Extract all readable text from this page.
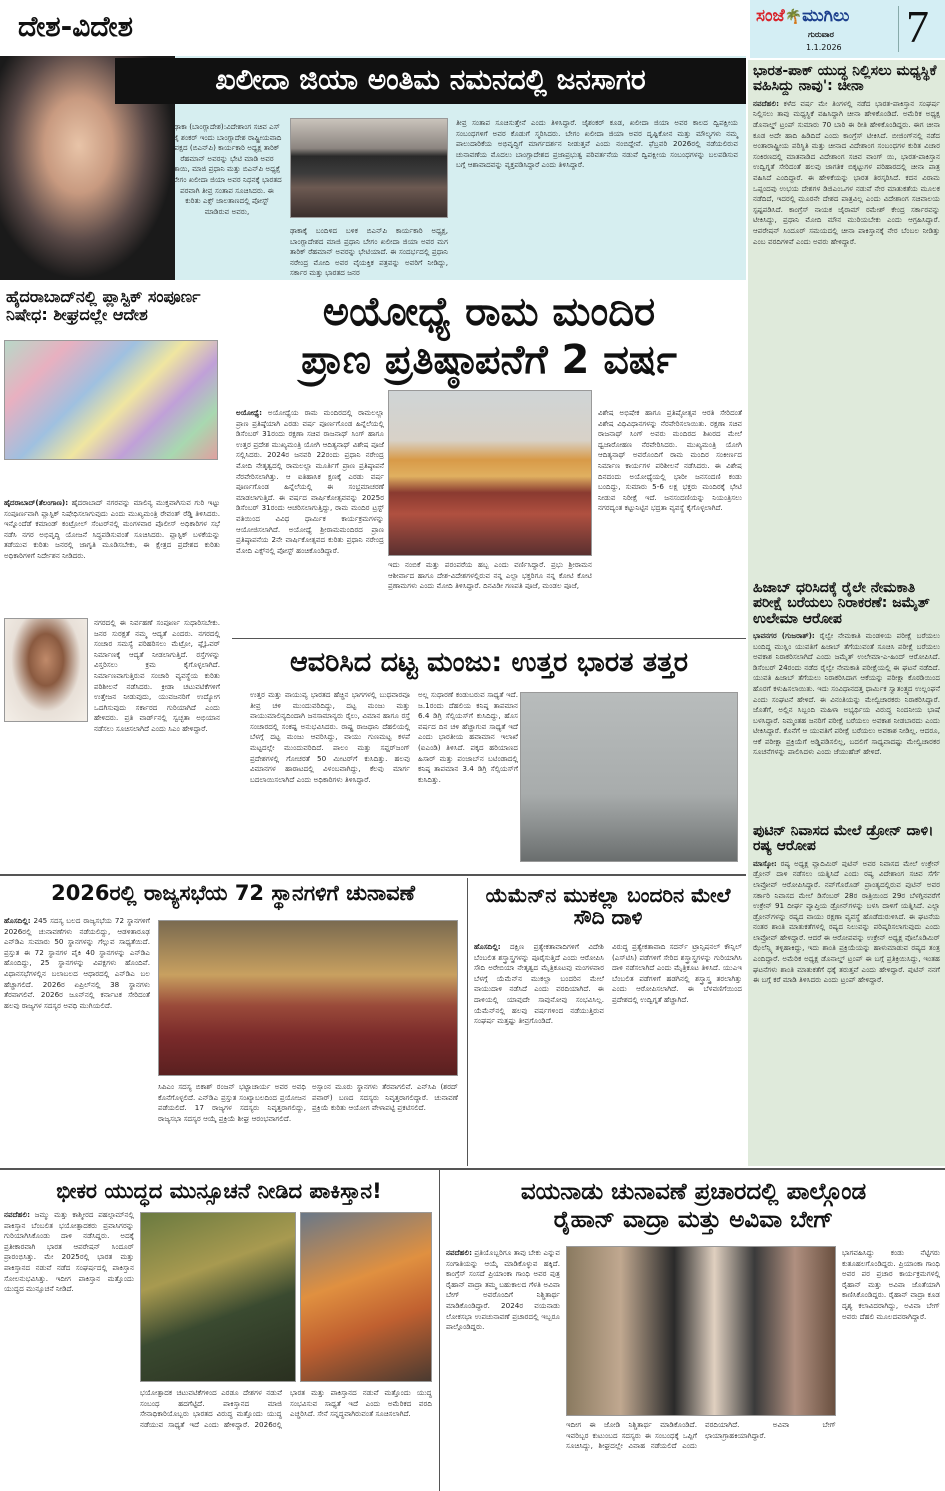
ದೇಶ-ವಿದೇಶ	ಸಂಜೆ🌴ಮುಗಿಲು
ಗುರುವಾರ
1.1.2026 7
ಖಲೀದಾ ಜಿಯಾ ಅಂತಿಮ ನಮನದಲ್ಲಿ ಜನಸಾಗರ
ಢಾಕಾ (ಬಾಂಗ್ಲಾದೇಶ):ವಿದೇಶಾಂಗ ಸಚಿವ ಎಸ್ ಜೈ ಶಂಕರ್ ಇಂದು ಬಾಂಗ್ಲಾದೇಶ ರಾಷ್ಟ್ರೀಯವಾದಿ ಪಕ್ಷದ (ಬಿಎನ್‌ಪಿ) ಕಾರ್ಯಕಾರಿ ಅಧ್ಯಕ್ಷ ತಾರಿಕ್ ರೆಹಮಾನ್ ಅವರನ್ನು ಭೇಟಿ ಮಾಡಿ ಅವರ ತಾಯಿ, ಮಾಜಿ ಪ್ರಧಾನಿ ಮತ್ತು ಬಿಎನ್‌ಪಿ ಅಧ್ಯಕ್ಷೆ ಬೇಗಂ ಖಲೀದಾ ಜಿಯಾ ಅವರ ನಿಧನಕ್ಕೆ ಭಾರತದ ಪರವಾಗಿ ತೀವ್ರ ಸಂತಾಪ ಸೂಚಿಸಿದರು. ಈ ಕುರಿತು ಎಕ್ಸ್ ಜಾಲತಾಣದಲ್ಲಿ ಪೋಸ್ಟ್ ಮಾಡಿರುವ ಅವರು,
ಢಾಕಾಕ್ಕೆ ಬಂದಿಳಿದ ಬಳಿಕ ಬಿಎನ್‌ಪಿ ಕಾರ್ಯಕಾರಿ ಅಧ್ಯಕ್ಷ, ಬಾಂಗ್ಲಾದೇಶದ ಮಾಜಿ ಪ್ರಧಾನಿ ಬೇಗಂ ಖಲೀದಾ ಜಿಯಾ ಅವರ ಮಗ ತಾರಿಕ್ ರೆಹಮಾನ್ ಅವರನ್ನು ಭೇಟಿಯಾದೆ. ಈ ಸಂದರ್ಭದಲ್ಲಿ ಪ್ರಧಾನಿ ನರೇಂದ್ರ ಮೋದಿ ಅವರ ವೈಯಕ್ತಿಕ ಪತ್ರವನ್ನು ಅವರಿಗೆ ನೀಡಿದ್ದು, ಸರ್ಕಾರ ಮತ್ತು ಭಾರತದ ಜನರ
ತೀವ್ರ ಸಂತಾಪ ಸೂಚಿಸುತ್ತೇನೆ ಎಂದು ತಿಳಿಸಿದ್ದಾರೆ. ಜೈಶಂಕರ್ ಕೂಡ, ಖಲೀದಾ ಜಿಯಾ ಅವರ ಕಾಲದ ದ್ವಿಪಕ್ಷೀಯ ಸಂಬಂಧಗಳಿಗೆ ಅವರ ಕೊಡುಗೆ ಸ್ಮರಿಸಿದರು. ಬೇಗಂ ಖಲೀದಾ ಜಿಯಾ ಅವರ ದೃಷ್ಟಿಕೋನ ಮತ್ತು ಮೌಲ್ಯಗಳು ನಮ್ಮ ಪಾಲುದಾರಿಕೆಯ ಅಭಿವೃದ್ಧಿಗೆ ಮಾರ್ಗದರ್ಶನ ನೀಡುತ್ತವೆ ಎಂದು ನಂಬಿದ್ದೇವೆ. ಫೆಬ್ರವರಿ 2026ರಲ್ಲಿ ನಡೆಯಲಿರುವ ಚುನಾವಣೆಯ ಮೊದಲು ಬಾಂಗ್ಲಾದೇಶದ ಪ್ರಜಾಪ್ರಭುತ್ವ ಪರಿವರ್ತನೆಯ ನಡುವೆ ದ್ವಿಪಕ್ಷೀಯ ಸಂಬಂಧಗಳನ್ನು ಬಲಪಡಿಸುವ ಬಗ್ಗೆ ಆಶಾವಾದವನ್ನು ವ್ಯಕ್ತಪಡಿಸಿದ್ದಾರೆ ಎಂದು ತಿಳಿಸಿದ್ದಾರೆ.
ಭಾರತ-ಪಾಕ್ ಯುದ್ಧ ನಿಲ್ಲಿಸಲು ಮಧ್ಯಸ್ಥಿಕೆ ವಹಿಸಿದ್ದು ನಾವು': ಚೀನಾ
ನವದೆಹಲಿ: ಕಳೆದ ವರ್ಷ ಮೇ ತಿಂಗಳಲ್ಲಿ ನಡೆದ ಭಾರತ-ಪಾಕಿಸ್ತಾನ ಸಂಘರ್ಷ ನಿಲ್ಲಿಸಲು ತಾವು ಮಧ್ಯಸ್ಥಿಕೆ ವಹಿಸಿದ್ದಾಗಿ ಚೀನಾ ಹೇಳಿಕೊಂಡಿದೆ. ಅಮೆರಿಕ ಅಧ್ಯಕ್ಷ ಡೊನಾಲ್ಡ್ ಟ್ರಂಪ್ ಸುಮಾರು 70 ಬಾರಿ ಈ ರೀತಿ ಹೇಳಿಕೊಂಡಿದ್ದರು. ಈಗ ಚೀನಾ ಕೂಡ ಅದೇ ಹಾದಿ ಹಿಡಿದಿದೆ ಎಂದು ಕಾಂಗ್ರೆಸ್ ಟೀಕಿಸಿದೆ. ಬೀಜಿಂಗ್‌ನಲ್ಲಿ ನಡೆದ ಅಂತಾರಾಷ್ಟ್ರೀಯ ಪರಿಸ್ಥಿತಿ ಮತ್ತು ಚೀನಾದ ವಿದೇಶಾಂಗ ಸಂಬಂಧಗಳ ಕುರಿತ ವಿಚಾರ ಸಂಕಿರಣದಲ್ಲಿ ಮಾತನಾಡಿದ ವಿದೇಶಾಂಗ ಸಚಿವ ವಾಂಗ್ ಯಿ, ಭಾರತ-ಪಾಕಿಸ್ತಾನ ಉದ್ವಿಗ್ನತೆ ಸೇರಿದಂತೆ ಹಲವು ಜಾಗತಿಕ ಬಿಕ್ಕಟ್ಟುಗಳ ಪರಿಹಾರದಲ್ಲಿ ಚೀನಾ ಪಾತ್ರ ವಹಿಸಿದೆ ಎಂದಿದ್ದಾರೆ. ಈ ಹೇಳಿಕೆಯನ್ನು ಭಾರತ ತಿರಸ್ಕರಿಸಿದೆ. ಕದನ ವಿರಾಮ ಒಪ್ಪಂದವು ಉಭಯ ದೇಶಗಳ ಡಿಜಿಎಂಒಗಳ ನಡುವೆ ನೇರ ಮಾತುಕತೆಯ ಮೂಲಕ ನಡೆದಿದೆ, ಇದರಲ್ಲಿ ಮೂರನೇ ದೇಶದ ಪಾತ್ರವಿಲ್ಲ ಎಂದು ವಿದೇಶಾಂಗ ಸಚಿವಾಲಯ ಸ್ಪಷ್ಟಪಡಿಸಿದೆ. ಕಾಂಗ್ರೆಸ್ ನಾಯಕ ಜೈರಾಮ್ ರಮೇಶ್ ಕೇಂದ್ರ ಸರ್ಕಾರವನ್ನು ಟೀಕಿಸಿದ್ದು, ಪ್ರಧಾನಿ ಮೋದಿ ಮೌನ ಮುರಿಯಬೇಕು ಎಂದು ಆಗ್ರಹಿಸಿದ್ದಾರೆ. ಆಪರೇಷನ್ ಸಿಂದೂರ್ ಸಮಯದಲ್ಲಿ ಚೀನಾ ಪಾಕಿಸ್ತಾನಕ್ಕೆ ನೇರ ಬೆಂಬಲ ನೀಡಿತ್ತು ಎಂಬ ವರದಿಗಳಿವೆ ಎಂದು ಅವರು ಹೇಳಿದ್ದಾರೆ.
ಹಿಜಾಬ್ ಧರಿಸಿದಕ್ಕೆ ರೈಲೇ ನೇಮಕಾತಿ ಪರೀಕ್ಷೆ ಬರೆಯಲು ನಿರಾಕರಣೆ: ಜಮೈತ್ ಉಲೇಮಾ ಆರೋಪ
ಭಾವನಗರ (ಗುಜರಾತ್): ರೈಲ್ವೇ ನೇಮಕಾತಿ ಮಂಡಳಿಯ ಪರೀಕ್ಷೆ ಬರೆಯಲು ಬಂದಿದ್ದ ಮುಸ್ಲಿಂ ಯುವತಿಗೆ ಹಿಜಾಬ್ ತೆಗೆಯುವಂತೆ ಸೂಚಿಸಿ ಪರೀಕ್ಷೆ ಬರೆಯಲು ಅವಕಾಶ ನಿರಾಕರಿಸಲಾಗಿದೆ ಎಂದು ಜಮೈತ್ ಉಲೇಮಾ-ಎ-ಹಿಂದ್ ಆರೋಪಿಸಿದೆ. ಡಿಸೆಂಬರ್ 24ರಂದು ನಡೆದ ರೈಲ್ವೇ ನೇಮಕಾತಿ ಪರೀಕ್ಷೆಯಲ್ಲಿ ಈ ಘಟನೆ ನಡೆದಿದೆ. ಯುವತಿ ಹಿಜಾಬ್ ತೆಗೆಯಲು ನಿರಾಕರಿಸಿದಾಗ ಆಕೆಯನ್ನು ಪರೀಕ್ಷಾ ಕೊಠಡಿಯಿಂದ ಹೊರಗೆ ಕಳುಹಿಸಲಾಯಿತು. ಇದು ಸಂವಿಧಾನದತ್ತ ಧಾರ್ಮಿಕ ಸ್ವಾತಂತ್ರ್ಯದ ಉಲ್ಲಂಘನೆ ಎಂದು ಸಂಘಟನೆ ಹೇಳಿದೆ. ಈ ವಿನಂತಿಯನ್ನು ಮೇಲ್ವಿಚಾರಕರು ನಿರಾಕರಿಸಿದ್ದಾರೆ. ಜೊತೆಗೆ, ಅಲ್ಲಿನ ಸಿಬ್ಬಂದಿ ಮಹಿಳಾ ಅಭ್ಯರ್ಥಿಯ ವಿರುದ್ಧ ನಿಂದನೀಯ ಭಾಷೆ ಬಳಸಿದ್ದಾರೆ. ನಿಮ್ಮಂತಹ ಜನರಿಗೆ ಪರೀಕ್ಷೆ ಬರೆಯಲು ಅವಕಾಶ ನೀಡಬಾರದು ಎಂದು ಟೀಕಿಸಿದ್ದಾರೆ. ಕೊನೆಗೆ ಆ ಯುವತಿಗೆ ಪರೀಕ್ಷೆ ಬರೆಯಲು ಅವಕಾಶ ನೀಡಿಲ್ಲ. ಆದರೂ, ಆಕೆ ಪರೀಕ್ಷಾ ಪ್ರಕ್ರಿಯೆಗೆ ಅಡ್ಡಿಪಡಿಸಲಿಲ್ಲ, ಬದಲಿಗೆ ಸಾಧ್ಯವಾದಷ್ಟು ಮೇಲ್ವಿಚಾರಕರ ಸೂಚನೆಗಳನ್ನು ಪಾಲಿಸಿದಳು ಎಂದು ಜೆಯುಹೆಚ್ ಹೇಳಿದೆ.
ಪುಟಿನ್ ನಿವಾಸದ ಮೇಲೆ ಡ್ರೋನ್ ದಾಳಿ। ರಷ್ಯ ಆರೋಪ
ಮಾಸ್ಕೋ: ರಷ್ಯ ಅಧ್ಯಕ್ಷ ವ್ಲಾದಿಮಿರ್ ಪುಟಿನ್ ಅವರ ನಿವಾಸದ ಮೇಲೆ ಉಕ್ರೇನ್ ಡ್ರೋನ್ ದಾಳಿ ನಡೆಸಲು ಯತ್ನಿಸಿದೆ ಎಂದು ರಷ್ಯ ವಿದೇಶಾಂಗ ಸಚಿವ ಸೆರ್ಗೆ ಲಾವ್ರೋವ್ ಆರೋಪಿಸಿದ್ದಾರೆ. ನವ್‌ಗೊರೊಡ್ ಪ್ರಾಂತ್ಯದಲ್ಲಿರುವ ಪುಟಿನ್ ಅವರ ಸರ್ಕಾರಿ ನಿವಾಸದ ಮೇಲೆ ಡಿಸೆಂಬರ್ 28ರ ರಾತ್ರಿಯಿಂದ 29ರ ಬೆಳಗ್ಗಿನವರೆಗೆ ಉಕ್ರೇನ್ 91 ದೀರ್ಘ ವ್ಯಾಪ್ತಿಯ ಡ್ರೋನ್‌ಗಳನ್ನು ಬಳಸಿ ದಾಳಿಗೆ ಯತ್ನಿಸಿದೆ. ಎಲ್ಲಾ ಡ್ರೋನ್‌ಗಳನ್ನು ರಷ್ಯದ ವಾಯು ರಕ್ಷಣಾ ವ್ಯವಸ್ಥೆ ಹೊಡೆದುರುಳಿಸಿದೆ. ಈ ಘಟನೆಯ ನಂತರ ಶಾಂತಿ ಮಾತುಕತೆಗಳಲ್ಲಿ ರಷ್ಯದ ನಿಲುವನ್ನು ಪರಿಷ್ಕರಿಸಲಾಗುವುದು ಎಂದು ಲಾವ್ರೋವ್ ಹೇಳಿದ್ದಾರೆ. ಆದರೆ ಈ ಆರೋಪವನ್ನು ಉಕ್ರೇನ್ ಅಧ್ಯಕ್ಷ ವೊಲೊಡಿಮಿರ್ ಝೆಲೆನ್ಸ್ಕಿ ತಳ್ಳಿಹಾಕಿದ್ದು, ಇದು ಶಾಂತಿ ಪ್ರಕ್ರಿಯೆಯನ್ನು ಹಾಳುಮಾಡುವ ರಷ್ಯದ ತಂತ್ರ ಎಂದಿದ್ದಾರೆ. ಅಮೆರಿಕ ಅಧ್ಯಕ್ಷ ಡೊನಾಲ್ಡ್ ಟ್ರಂಪ್ ಈ ಬಗ್ಗೆ ಪ್ರತಿಕ್ರಿಯಿಸಿದ್ದು, ಇಂತಹ ಘಟನೆಗಳು ಶಾಂತಿ ಮಾತುಕತೆಗೆ ಧಕ್ಕೆ ತರುತ್ತವೆ ಎಂದು ಹೇಳಿದ್ದಾರೆ. ಪುಟಿನ್ ನನಗೆ ಈ ಬಗ್ಗೆ ಕರೆ ಮಾಡಿ ತಿಳಿಸಿದರು ಎಂದು ಟ್ರಂಪ್ ಹೇಳಿದ್ದಾರೆ.
ಹೈದರಾಬಾದ್‌ನಲ್ಲಿ ಪ್ಲಾಸ್ಟಿಕ್ ಸಂಪೂರ್ಣ ನಿಷೇಧ: ಶೀಘ್ರದಲ್ಲೇ ಆದೇಶ
ಹೈದರಾಬಾದ್(ತೆಲಂಗಾಣ): ಹೈದರಾಬಾದ್ ನಗರವನ್ನು ಮಾಲಿನ್ಯ ಮುಕ್ತವಾಗಿಸುವ ಗುರಿ ಇಟ್ಟು ಸಂಪೂರ್ಣವಾಗಿ ಪ್ಲಾಸ್ಟಿಕ್ ನಿಷೇಧಿಸಲಾಗುವುದು ಎಂದು ಮುಖ್ಯಮಂತ್ರಿ ರೇವಂತ್ ರೆಡ್ಡಿ ತಿಳಿಸಿದರು. ಇನ್ನೊಂದೆಡೆ ಕಮಾಂಡ್ ಕಂಟ್ರೋಲ್ ಸೆಂಟರ್‌ನಲ್ಲಿ ಮಂಗಳವಾರ ಪೊಲೀಸ್ ಅಧಿಕಾರಿಗಳ ಸಭೆ ನಡೆಸಿ ನಗರ ಅಭಿವೃದ್ಧಿ ಯೋಜನೆ ಸಿದ್ಧಪಡಿಸುವಂತೆ ಸೂಚಿಸಿದರು. ಪ್ಲಾಸ್ಟಿಕ್ ಬಳಕೆಯನ್ನು ತಡೆಯುವ ಕುರಿತು ಜನರಲ್ಲಿ ಜಾಗೃತಿ ಮೂಡಿಸಬೇಕು, ಈ ಕ್ಷೇತ್ರದ ಪ್ರದೇಶದ ಕುರಿತು ಅಧಿಕಾರಿಗಳಿಗೆ ನಿರ್ದೇಶನ ನೀಡಿದರು.
ನಗರದಲ್ಲಿ ಈ ನಿರ್ವಹಣೆ ಸಂಪೂರ್ಣ ಸುಧಾರಿಸಬೇಕು. ಜನರ ಸುರಕ್ಷತೆ ನಮ್ಮ ಆದ್ಯತೆ ಎಂದರು. ನಗರದಲ್ಲಿ ಸಂಚಾರ ಸಮಸ್ಯೆ ಪರಿಹರಿಸಲು ಮೆಟ್ರೋ, ಫ್ಲೈಓವರ್ ನಿರ್ಮಾಣಕ್ಕೆ ಆದ್ಯತೆ ನೀಡಲಾಗುತ್ತಿದೆ. ರಸ್ತೆಗಳನ್ನು ವಿಸ್ತರಿಸಲು ಕ್ರಮ ಕೈಗೊಳ್ಳಲಾಗಿದೆ. ನಿರ್ಮಾಣವಾಗುತ್ತಿರುವ ಸಂಚಾರಿ ವ್ಯವಸ್ಥೆಯ ಕುರಿತು ಪರಿಶೀಲನೆ ನಡೆಸಿದರು. ಕ್ರೀಡಾ ಚಟುವಟಿಕೆಗಳಿಗೆ ಉತ್ತೇಜನ ನೀಡುವುದು, ಯುವಜನರಿಗೆ ಉದ್ಯೋಗ ಒದಗಿಸುವುದು ಸರ್ಕಾರದ ಗುರಿಯಾಗಿದೆ ಎಂದು ಹೇಳಿದರು. ಪ್ರತಿ ವಾರ್ಡ್‌ನಲ್ಲಿ ಸ್ವಚ್ಛತಾ ಅಭಿಯಾನ ನಡೆಸಲು ಸೂಚಿಸಲಾಗಿದೆ ಎಂದು ಸಿಎಂ ಹೇಳಿದ್ದಾರೆ.
ಅಯೋಧ್ಯೆ ರಾಮ ಮಂದಿರ
ಪ್ರಾಣ ಪ್ರತಿಷ್ಠಾಪನೆಗೆ 2 ವರ್ಷ
ಅಯೋಧ್ಯೆ: ಅಯೋಧ್ಯೆಯ ರಾಮ ಮಂದಿರದಲ್ಲಿ ರಾಮಲಲ್ಲಾ ಪ್ರಾಣ ಪ್ರತಿಷ್ಠೆಯಾಗಿ ಎರಡು ವರ್ಷ ಪೂರ್ಣಗೊಂಡ ಹಿನ್ನೆಲೆಯಲ್ಲಿ ಡಿಸೆಂಬರ್ 31ರಂದು ರಕ್ಷಣಾ ಸಚಿವ ರಾಜನಾಥ್ ಸಿಂಗ್ ಹಾಗೂ ಉತ್ತರ ಪ್ರದೇಶ ಮುಖ್ಯಮಂತ್ರಿ ಯೋಗಿ ಆದಿತ್ಯನಾಥ್ ವಿಶೇಷ ಪೂಜೆ ಸಲ್ಲಿಸಿದರು. 2024ರ ಜನವರಿ 22ರಂದು ಪ್ರಧಾನಿ ನರೇಂದ್ರ ಮೋದಿ ನೇತೃತ್ವದಲ್ಲಿ ರಾಮಲಲ್ಲಾ ಮೂರ್ತಿಗೆ ಪ್ರಾಣ ಪ್ರತಿಷ್ಠಾಪನೆ ನೆರವೇರಿಸಲಾಗಿತ್ತು. ಆ ಐತಿಹಾಸಿಕ ಕ್ಷಣಕ್ಕೆ ಎರಡು ವರ್ಷ ಪೂರ್ಣಗೊಂಡ ಹಿನ್ನೆಲೆಯಲ್ಲಿ ಈ ಸಂಭ್ರಮಾಚರಣೆ ಮಾಡಲಾಗುತ್ತಿದೆ. ಈ ವರ್ಷದ ವಾರ್ಷಿಕೋತ್ಸವವನ್ನು 2025ರ ಡಿಸೆಂಬರ್ 31ರಂದು ಆಚರಿಸಲಾಗುತ್ತಿದ್ದು, ರಾಮ ಮಂದಿರ ಟ್ರಸ್ಟ್ ವತಿಯಿಂದ ವಿವಿಧ ಧಾರ್ಮಿಕ ಕಾರ್ಯಕ್ರಮಗಳನ್ನು ಆಯೋಜಿಸಲಾಗಿದೆ. ಅಯೋಧ್ಯೆ ಶ್ರೀರಾಮಮಂದಿರದ ಪ್ರಾಣ ಪ್ರತಿಷ್ಠಾಪನೆಯ 2ನೇ ವಾರ್ಷಿಕೋತ್ಸವದ ಕುರಿತು ಪ್ರಧಾನಿ ನರೇಂದ್ರ ಮೋದಿ ಎಕ್ಸ್‌ನಲ್ಲಿ ಪೋಸ್ಟ್ ಹಂಚಿಕೊಂಡಿದ್ದಾರೆ.
ಇದು ನಂಬಿಕೆ ಮತ್ತು ಪರಂಪರೆಯ ಹಬ್ಬ ಎಂದು ವರ್ಣಿಸಿದ್ದಾರೆ. ಪ್ರಭು ಶ್ರೀರಾಮನ ಆಶೀರ್ವಾದ ಹಾಗೂ ದೇಶ-ವಿದೇಶಗಳಲ್ಲಿರುವ ನನ್ನ ಎಲ್ಲಾ ಭಕ್ತರಿಗೂ ನನ್ನ ಕೋಟಿ ಕೋಟಿ ಪ್ರಣಾಮಗಳು ಎಂದು ಮೋದಿ ತಿಳಿಸಿದ್ದಾರೆ. ದಿನವಿಡೀ ಗಣಪತಿ ಪೂಜೆ, ಮಂಡಲ ಪೂಜೆ,
ವಿಶೇಷ ಅಭಿಷೇಕ ಹಾಗೂ ಪ್ರತಿಷ್ಠೋತ್ಸವ ಆರತಿ ಸೇರಿದಂತೆ ವಿಶೇಷ ವಿಧಿವಿಧಾನಗಳನ್ನು ನೆರವೇರಿಸಲಾಯಿತು. ರಕ್ಷಣಾ ಸಚಿವ ರಾಜನಾಥ್ ಸಿಂಗ್ ಅವರು ಮಂದಿರದ ಶಿಖರದ ಮೇಲೆ ಧ್ವಜಾರೋಹಣ ನೆರವೇರಿಸಿದರು. ಮುಖ್ಯಮಂತ್ರಿ ಯೋಗಿ ಆದಿತ್ಯನಾಥ್ ಅವರೊಂದಿಗೆ ರಾಮ ಮಂದಿರ ಸಂಕೀರ್ಣದ ನಿರ್ಮಾಣ ಕಾರ್ಯಗಳ ಪರಿಶೀಲನೆ ನಡೆಸಿದರು. ಈ ವಿಶೇಷ ದಿನದಂದು ಅಯೋಧ್ಯೆಯಲ್ಲಿ ಭಾರೀ ಜನಸಂದಣಿ ಕಂಡು ಬಂದಿದ್ದು, ಸುಮಾರು 5-6 ಲಕ್ಷ ಭಕ್ತರು ಮಂದಿರಕ್ಕೆ ಭೇಟಿ ನೀಡುವ ನಿರೀಕ್ಷೆ ಇದೆ. ಜನಸಂದಣಿಯನ್ನು ನಿಯಂತ್ರಿಸಲು ನಗರದ್ಯಂತ ಕಟ್ಟುನಿಟ್ಟಿನ ಭದ್ರತಾ ವ್ಯವಸ್ಥೆ ಕೈಗೊಳ್ಳಲಾಗಿದೆ.
ಆವರಿಸಿದ ದಟ್ಟ ಮಂಜು: ಉತ್ತರ ಭಾರತ ತತ್ತರ
ಉತ್ತರ ಮತ್ತು ವಾಯುವ್ಯ ಭಾರತದ ಹೆಚ್ಚಿನ ಭಾಗಗಳಲ್ಲಿ ಬುಧವಾರವೂ ತೀವ್ರ ಚಳಿ ಮುಂದುವರಿದಿದ್ದು, ದಟ್ಟ ಮಂಜು ಮತ್ತು ವಾಯುಮಾಲಿನ್ಯದಿಂದಾಗಿ ಜನಸಾಮಾನ್ಯರು ರೈಲು, ವಿಮಾನ ಹಾಗೂ ರಸ್ತೆ ಸಂಚಾರದಲ್ಲಿ ಸಂಕಷ್ಟ ಅನುಭವಿಸಿದರು. ರಾಷ್ಟ್ರ ರಾಜಧಾನಿ ದೆಹಲಿಯಲ್ಲಿ ಬೆಳಗ್ಗೆ ದಟ್ಟ ಮಂಜು ಆವರಿಸಿದ್ದು, ವಾಯು ಗುಣಮಟ್ಟ ಕಳಪೆ ಮಟ್ಟದಲ್ಲೇ ಮುಂದುವರಿದಿದೆ. ಪಾಲಂ ಮತ್ತು ಸಫ್ದರ್‌ಜಂಗ್ ಪ್ರದೇಶಗಳಲ್ಲಿ ಗೋಚರತೆ 50 ಮೀಟರ್‌ಗೆ ಕುಸಿದಿತ್ತು. ಹಲವು ವಿಮಾನಗಳ ಹಾರಾಟದಲ್ಲಿ ವಿಳಂಬವಾಗಿದ್ದು, ಕೆಲವು ಮಾರ್ಗ ಬದಲಾಯಿಸಲಾಗಿದೆ ಎಂದು ಅಧಿಕಾರಿಗಳು ತಿಳಿಸಿದ್ದಾರೆ.
ಅಲ್ಲ ಸುಧಾರಣೆ ಕಂಡುಬರುವ ಸಾಧ್ಯತೆ ಇದೆ. ಜ.1ರಂದು ದೆಹಲಿಯ ಕನಿಷ್ಠ ತಾಪಮಾನ 6.4 ಡಿಗ್ರಿ ಸೆಲ್ಸಿಯಸ್‌ಗೆ ಕುಸಿದಿದ್ದು, ಹೊಸ ವರ್ಷದ ದಿನ ಚಳಿ ಹೆಚ್ಚಾಗುವ ಸಾಧ್ಯತೆ ಇದೆ ಎಂದು ಭಾರತೀಯ ಹವಾಮಾನ ಇಲಾಖೆ (ಐಎಂಡಿ) ತಿಳಿಸಿದೆ. ಪಕ್ಕದ ಹರಿಯಾಣದ ಹಿಸಾರ್ ಮತ್ತು ಪಂಜಾಬ್‌ನ ಬಟಿಂಡಾದಲ್ಲಿ ಕನಿಷ್ಠ ತಾಪಮಾನ 3.4 ಡಿಗ್ರಿ ಸೆಲ್ಸಿಯಸ್‌ಗೆ ಕುಸಿದಿತ್ತು.
2026ರಲ್ಲಿ ರಾಜ್ಯಸಭೆಯ 72 ಸ್ಥಾನಗಳಿಗೆ ಚುನಾವಣೆ
ಹೊಸದಿಲ್ಲಿ: 245 ಸದಸ್ಯ ಬಲದ ರಾಜ್ಯಸಭೆಯ 72 ಸ್ಥಾನಗಳಿಗೆ 2026ರಲ್ಲಿ ಚುನಾವಣೆಗಳು ನಡೆಯಲಿದ್ದು, ಆಡಳಿತಾರೂಢ ಎನ್‌ಡಿಎ ಸುಮಾರು 50 ಸ್ಥಾನಗಳನ್ನು ಗೆಲ್ಲುವ ಸಾಧ್ಯತೆಯಿದೆ. ಪ್ರಸ್ತುತ ಈ 72 ಸ್ಥಾನಗಳ ಪೈಕಿ 40 ಸ್ಥಾನಗಳನ್ನು ಎನ್‌ಡಿಎ ಹೊಂದಿದ್ದು, 25 ಸ್ಥಾನಗಳನ್ನು ವಿಪಕ್ಷಗಳು ಹೊಂದಿವೆ. ವಿಧಾನಸಭೆಗಳಲ್ಲಿನ ಬಲಾಬಲದ ಆಧಾರದಲ್ಲಿ ಎನ್‌ಡಿಎ ಬಲ ಹೆಚ್ಚಾಗಲಿದೆ. 2026ರ ಏಪ್ರಿಲ್‌ನಲ್ಲಿ 38 ಸ್ಥಾನಗಳು ತೆರವಾಗಲಿವೆ. 2026ರ ಜೂನ್‌ನಲ್ಲಿ ಕರ್ನಾಟಕ ಸೇರಿದಂತೆ ಹಲವು ರಾಜ್ಯಗಳ ಸದಸ್ಯರ ಅವಧಿ ಮುಗಿಯಲಿದೆ.
ಸಿಪಿಎಂ ಸದಸ್ಯ ಬಿಕಾಶ್ ರಂಜನ್ ಭಟ್ಟಾಚಾರ್ಯ ಅವರ ಅವಧಿ ಕೊನೆಗೊಳ್ಳಲಿದೆ. ಎನ್‌ಡಿಎ ಪ್ರಸ್ತುತ ಸಂಖ್ಯಾಬಲದಿಂದ ಪ್ರಯೋಜನ ಪಡೆಯಲಿದೆ. 17 ರಾಜ್ಯಗಳ ಸದಸ್ಯರು ನಿವೃತ್ತರಾಗಲಿದ್ದು, ರಾಜ್ಯಸಭಾ ಸದಸ್ಯರ ಆಯ್ಕೆ ಪ್ರಕ್ರಿಯೆ ಶೀಘ್ರ ಆರಂಭವಾಗಲಿದೆ.
ಅಸ್ಸಾಂನ ಮೂರು ಸ್ಥಾನಗಳು ತೆರವಾಗಲಿವೆ. ಎನ್‌ಸಿಪಿ (ಶರದ್ ಪವಾರ್) ಬಣದ ಸದಸ್ಯರು ನಿವೃತ್ತರಾಗಲಿದ್ದಾರೆ. ಚುನಾವಣೆ ಪ್ರಕ್ರಿಯೆ ಕುರಿತು ಆಯೋಗ ವೇಳಾಪಟ್ಟಿ ಪ್ರಕಟಿಸಲಿದೆ.
ಯೆಮೆನ್‌ನ ಮುಕಲ್ಲಾ ಬಂದರಿನ ಮೇಲೆ ಸೌದಿ ದಾಳಿ
ಹೊಸದಿಲ್ಲಿ: ದಕ್ಷಿಣ ಪ್ರತ್ಯೇಕತಾವಾದಿಗಳಿಗೆ ವಿದೇಶಿ ಬೆಂಬಲಿತ ಶಸ್ತ್ರಾಸ್ತ್ರಗಳನ್ನು ಪೂರೈಸುತ್ತಿದೆ ಎಂದು ಆರೋಪಿಸಿ ಸೌದಿ ಅರೇಬಿಯಾ ನೇತೃತ್ವದ ಮೈತ್ರಿಕೂಟವು ಮಂಗಳವಾರ ಬೆಳಗ್ಗೆ ಯೆಮೆನ್‌ನ ಮುಕಲ್ಲಾ ಬಂದರಿನ ಮೇಲೆ ವಾಯುದಾಳಿ ನಡೆಸಿದೆ ಎಂದು ವರದಿಯಾಗಿದೆ. ಈ ದಾಳಿಯಲ್ಲಿ ಯಾವುದೇ ಸಾವುನೋವು ಸಂಭವಿಸಿಲ್ಲ. ಯೆಮೆನ್‌ನಲ್ಲಿ ಹಲವು ವರ್ಷಗಳಿಂದ ನಡೆಯುತ್ತಿರುವ ಸಂಘರ್ಷ ಮತ್ತಷ್ಟು ತೀವ್ರಗೊಂಡಿದೆ.
ವಿರುದ್ಧ ಪ್ರತ್ಯೇಕತಾವಾದಿ ಸದರ್ನ್ ಟ್ರಾನ್ಸಿಷನಲ್ ಕೌನ್ಸಿಲ್ (ಎಸ್‌ಟಿಸಿ) ಪಡೆಗಳಿಗೆ ಸೇರಿದ ಶಸ್ತ್ರಾಸ್ತ್ರಗಳನ್ನು ಗುರಿಯಾಗಿಸಿ ದಾಳಿ ನಡೆಸಲಾಗಿದೆ ಎಂದು ಮೈತ್ರಿಕೂಟ ತಿಳಿಸಿದೆ. ಯುಎಇ ಬೆಂಬಲಿತ ಪಡೆಗಳಿಗೆ ಹಡಗಿನಲ್ಲಿ ಶಸ್ತ್ರಾಸ್ತ್ರ ತರಲಾಗಿತ್ತು ಎಂದು ಆರೋಪಿಸಲಾಗಿದೆ. ಈ ಬೆಳವಣಿಗೆಯಿಂದ ಪ್ರದೇಶದಲ್ಲಿ ಉದ್ವಿಗ್ನತೆ ಹೆಚ್ಚಾಗಿದೆ.
ಭೀಕರ ಯುದ್ಧದ ಮುನ್ಸೂಚನೆ ನೀಡಿದ ಪಾಕಿಸ್ತಾನ!
ನವದೆಹಲಿ: ಜಮ್ಮು ಮತ್ತು ಕಾಶ್ಮೀರದ ಪಹಲ್ಗಾಮ್‌ನಲ್ಲಿ ಪಾಕಿಸ್ತಾನ ಬೆಂಬಲಿತ ಭಯೋತ್ಪಾದಕರು ಪ್ರವಾಸಿಗರನ್ನು ಗುರಿಯಾಗಿಸಿಕೊಂಡು ದಾಳಿ ನಡೆಸಿದ್ದರು. ಅದಕ್ಕೆ ಪ್ರತೀಕಾರವಾಗಿ ಭಾರತ ಆಪರೇಷನ್ ಸಿಂದೂರ್ ಪ್ರಾರಂಭಿಸಿತ್ತು. ಮೇ 2025ರಲ್ಲಿ ಭಾರತ ಮತ್ತು ಪಾಕಿಸ್ತಾನದ ನಡುವೆ ನಡೆದ ಸಂಘರ್ಷದಲ್ಲಿ ಪಾಕಿಸ್ತಾನ ಸೋಲನುಭವಿಸಿತ್ತು. ಇದೀಗ ಪಾಕಿಸ್ತಾನ ಮತ್ತೊಂದು ಯುದ್ಧದ ಮುನ್ಸೂಚನೆ ನೀಡಿದೆ.
ಭಯೋತ್ಪಾದಕ ಚಟುವಟಿಕೆಗಳಿಂದ ಎರಡೂ ದೇಶಗಳ ನಡುವೆ ಸಂಬಂಧ ಹದಗೆಟ್ಟಿದೆ. ಪಾಕಿಸ್ತಾನದ ಮಾಜಿ ಸೇನಾಧಿಕಾರಿಯೊಬ್ಬರು ಭಾರತದ ವಿರುದ್ಧ ಮತ್ತೊಂದು ಯುದ್ಧ ನಡೆಯುವ ಸಾಧ್ಯತೆ ಇದೆ ಎಂದು ಹೇಳಿದ್ದಾರೆ. 2026ರಲ್ಲಿ ಭಾರತ ಮತ್ತು ಪಾಕಿಸ್ತಾನದ ನಡುವೆ ಮತ್ತೊಂದು ಯುದ್ಧ ಸಂಭವಿಸುವ ಸಾಧ್ಯತೆ ಇದೆ ಎಂದು ಅಮೆರಿಕದ ವರದಿ ಎಚ್ಚರಿಸಿದೆ. ಸೇನೆ ಸನ್ನದ್ಧವಾಗಿರುವಂತೆ ಸೂಚಿಸಲಾಗಿದೆ.
ವಯನಾಡು ಚುನಾವಣೆ ಪ್ರಚಾರದಲ್ಲಿ ಪಾಲ್ಗೊಂಡ
ರೈಹಾನ್ ವಾದ್ರಾ ಮತ್ತು ಅವಿವಾ ಬೇಗ್
ನವದೆಹಲಿ: ಪ್ರತಿಯೊಬ್ಬರಿಗೂ ತಾವು ಬೇಕು ಎನ್ನುವ ಸಂಗಾತಿಯನ್ನು ಆಯ್ಕೆ ಮಾಡಿಕೊಳ್ಳುವ ಹಕ್ಕಿದೆ. ಕಾಂಗ್ರೆಸ್ ಸಂಸದೆ ಪ್ರಿಯಾಂಕಾ ಗಾಂಧಿ ಅವರ ಪುತ್ರ ರೈಹಾನ್ ವಾದ್ರಾ ತಮ್ಮ ಬಹುಕಾಲದ ಗೆಳತಿ ಅವಿವಾ ಬೇಗ್ ಅವರೊಂದಿಗೆ ನಿಶ್ಚಿತಾರ್ಥ ಮಾಡಿಕೊಂಡಿದ್ದಾರೆ. 2024ರ ವಯನಾಡು ಲೋಕಸಭಾ ಉಪಚುನಾವಣೆ ಪ್ರಚಾರದಲ್ಲಿ ಇಬ್ಬರೂ ಪಾಲ್ಗೊಂಡಿದ್ದರು.
ಇದೀಗ ಈ ಜೋಡಿ ನಿಶ್ಚಿತಾರ್ಥ ಮಾಡಿಕೊಂಡಿದೆ. ಇವರಿಬ್ಬರ ಕುಟುಂಬದ ಸದಸ್ಯರು ಈ ಸಂಬಂಧಕ್ಕೆ ಒಪ್ಪಿಗೆ ಸೂಚಿಸಿದ್ದು, ಶೀಘ್ರದಲ್ಲೇ ವಿವಾಹ ನಡೆಯಲಿದೆ ಎಂದು ವರದಿಯಾಗಿದೆ. ಅವಿವಾ ಬೇಗ್ ಛಾಯಾಗ್ರಾಹಕಿಯಾಗಿದ್ದಾರೆ.
ಭಾಗವಹಿಸಿದ್ದು ಕಂಡು ನೆಟ್ಟಿಗರು ಕುತೂಹಲಗೊಂಡಿದ್ದರು. ಪ್ರಿಯಾಂಕಾ ಗಾಂಧಿ ಅವರ ಪರ ಪ್ರಚಾರ ಕಾರ್ಯಕ್ರಮಗಳಲ್ಲಿ ರೈಹಾನ್ ಮತ್ತು ಅವಿವಾ ಜೊತೆಯಾಗಿ ಕಾಣಿಸಿಕೊಂಡಿದ್ದರು. ರೈಹಾನ್ ವಾದ್ರಾ ಕೂಡ ದೃಶ್ಯ ಕಲಾವಿದರಾಗಿದ್ದು, ಅವಿವಾ ಬೇಗ್ ಅವರು ದೆಹಲಿ ಮೂಲದವರಾಗಿದ್ದಾರೆ.
